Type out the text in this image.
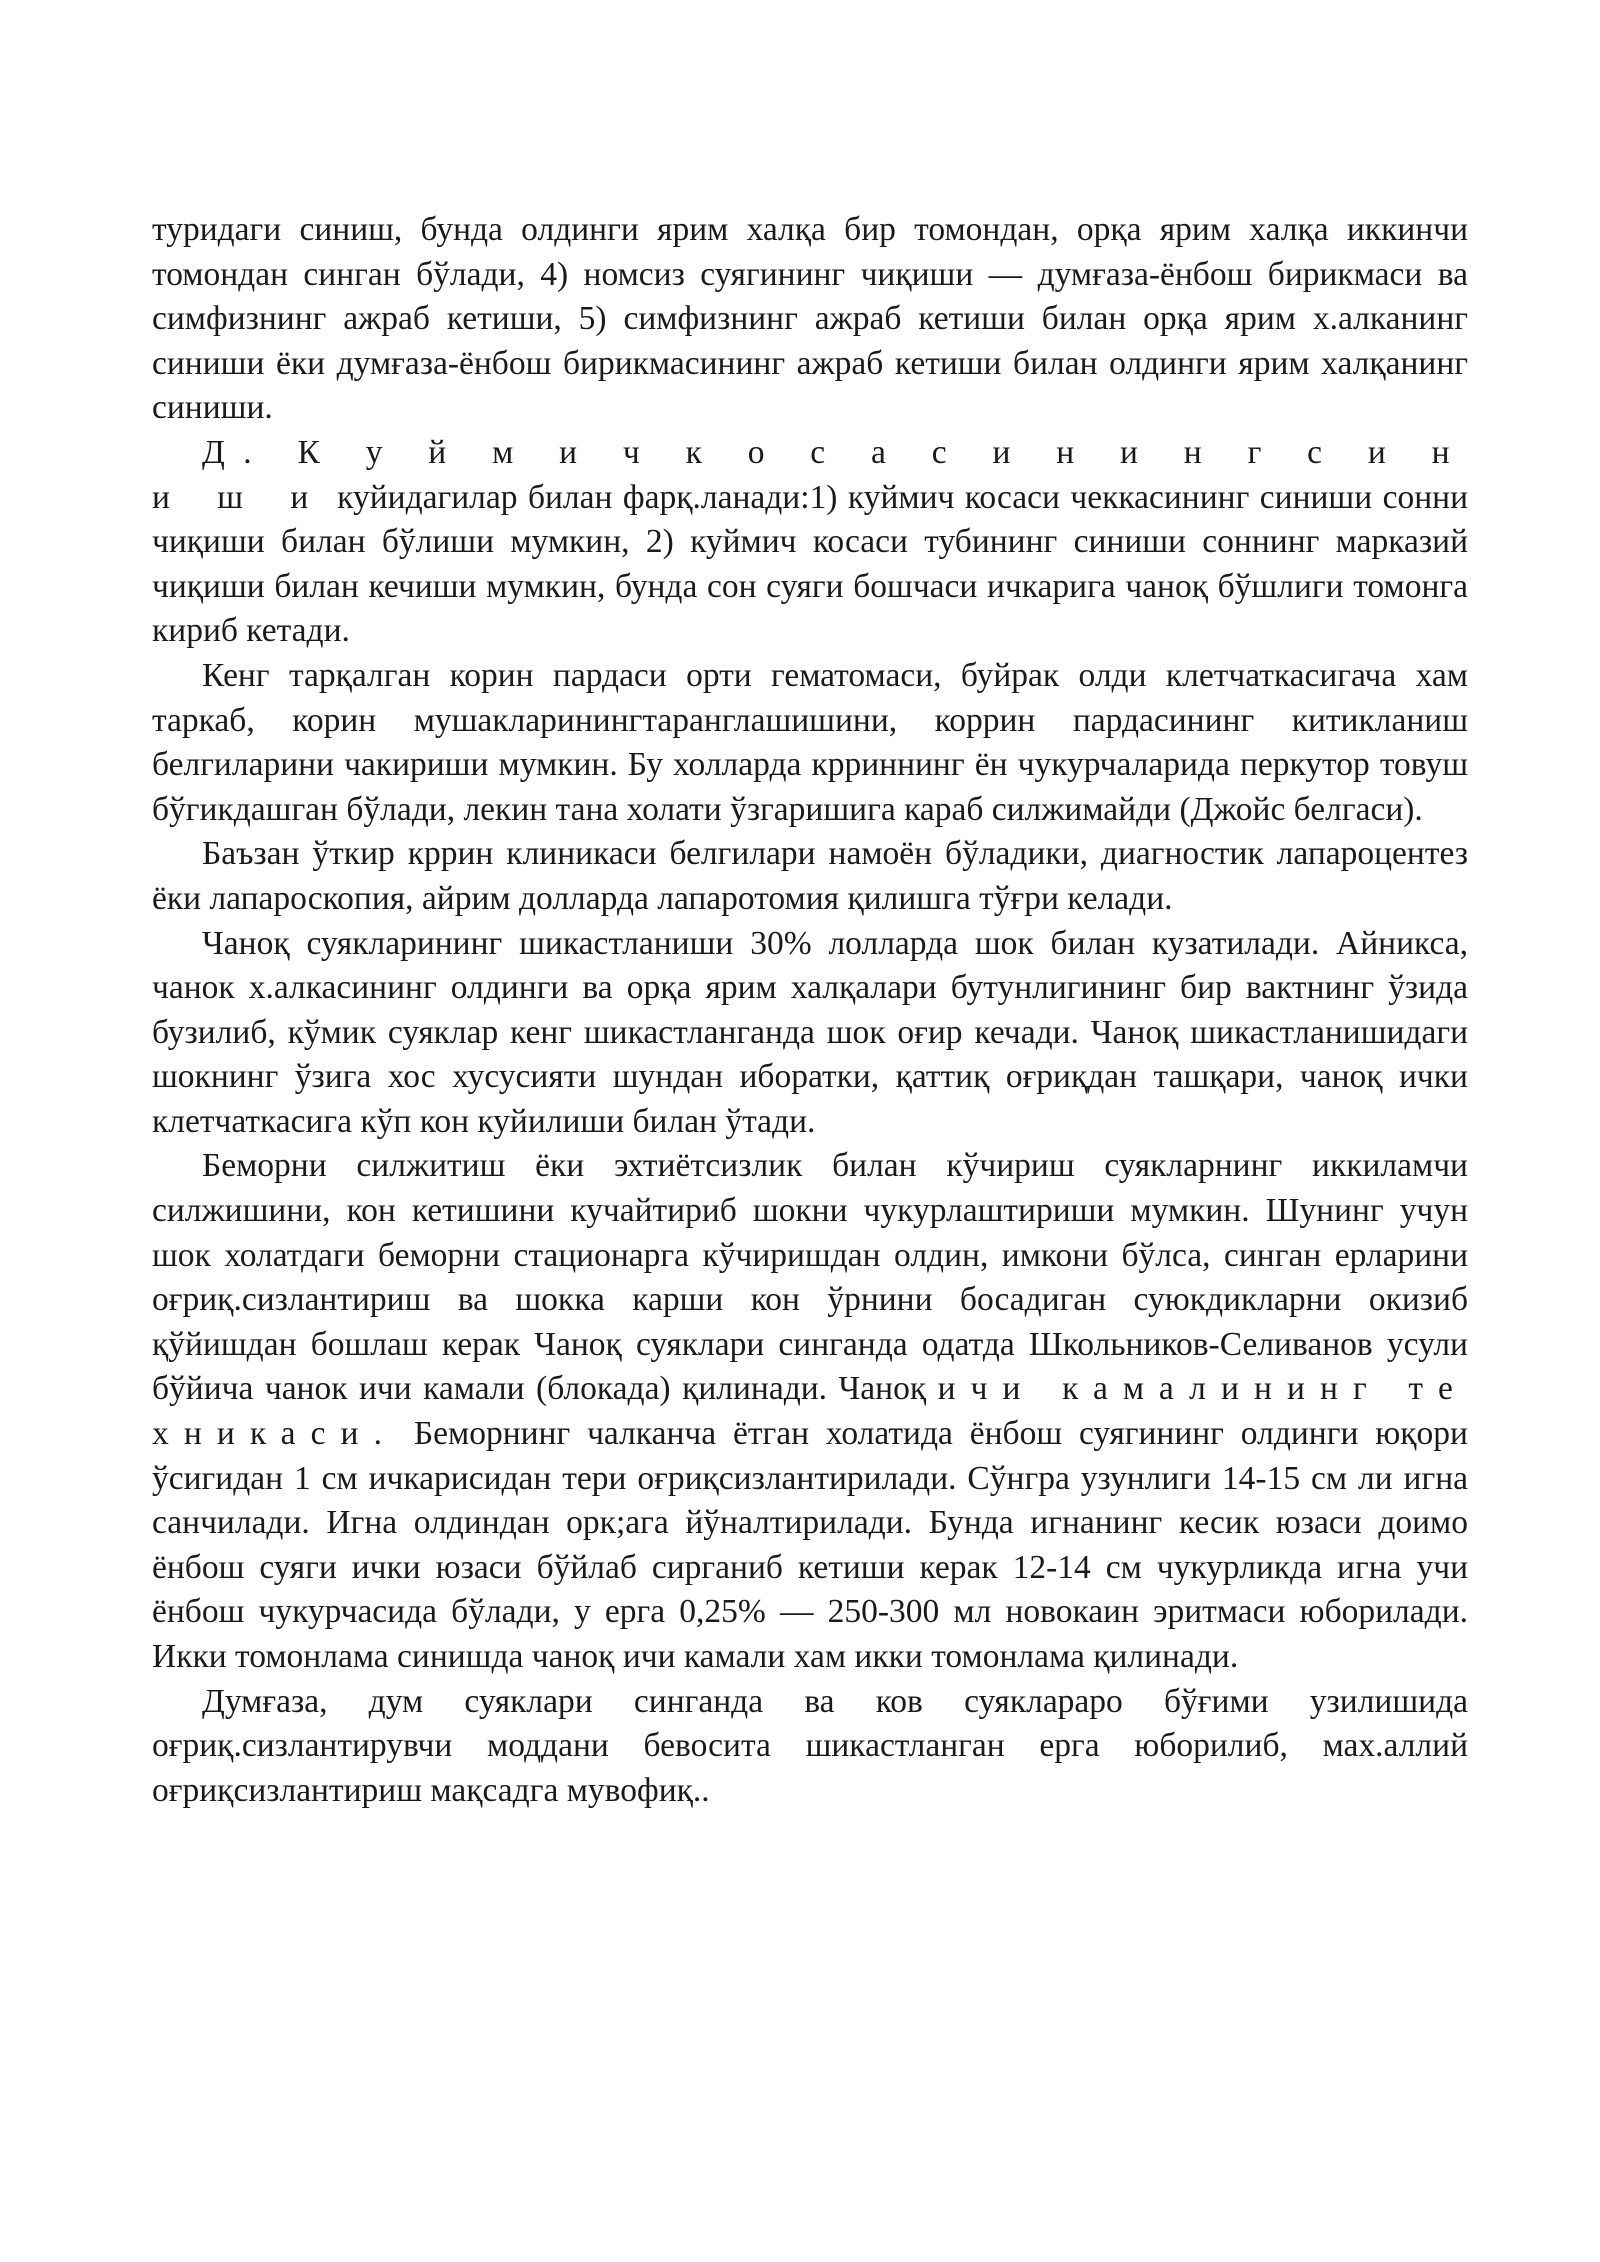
туридаги синиш, бунда олдинги ярим халқа бир томондан, орқа ярим халқа иккинчи томондан синган бўлади, 4) номсиз суягининг чиқиши — думғаза-ёнбош бирикмаси ва симфизнинг ажраб кетиши, 5) симфизнинг ажраб кетиши билан орқа ярим х.алканинг синиши ёки думғаза-ёнбош бирикмасининг ажраб кетиши билан олдинги ярим халқанинг синиши.

Д. К у й м и ч к о с а с и н и н г с и н и ш и куйидагилар билан фарқ.ланади:1) куймич косаси чеккасининг синиши сонни чиқиши билан бўлиши мумкин, 2) куймич косаси тубининг синиши соннинг марказий чиқиши билан кечиши мумкин, бунда сон суяги бошчаси ичкарига чаноқ бўшлиги томонга кириб кетади.

Кенг тарқалган корин пардаси орти гематомаси, буйрак олди клетчаткасигача хам таркаб, корин мушакларинингтаранглашишини, коррин пардасининг китикланиш белгиларини чакириши мумкин. Бу холларда крриннинг ён чукурчаларида перкутор товуш бўгикдашган бўлади, лекин тана холати ўзгаришига караб силжимайди (Джойс белгаси).

Баъзан ўткир кррин клиникаси белгилари намоён бўладики, диагностик лапароцентез ёки лапароскопия, айрим долларда лапаротомия қилишга тўғри келади.

Чаноқ суякларининг шикастланиши 30% лолларда шок билан кузатилади. Айникса, чанок х.алкасининг олдинги ва орқа ярим халқалари бутунлигининг бир вактнинг ўзида бузилиб, кўмик суяклар кенг шикастланганда шок оғир кечади. Чаноқ шикастланишидаги шокнинг ўзига хос хусусияти шундан иборатки, қаттиқ оғриқдан ташқари, чаноқ ички клетчаткасига кўп кон куйилиши билан ўтади.

Беморни силжитиш ёки эхтиётсизлик билан кўчириш суякларнинг иккиламчи силжишини, кон кетишини кучайтириб шокни чукурлаштириши мумкин. Шунинг учун шок холатдаги беморни стационарга кўчиришдан олдин, имкони бўлса, синган ерларини оғриқ.сизлантириш ва шокка карши кон ўрнини босадиган суюкдикларни окизиб қўйишдан бошлаш керак Чаноқ суяклари синганда одатда Школьников-Селиванов усули бўйича чанок ичи камали (блокада) қилинади. Чаноқ ичи камалининг те хникаси. Беморнинг чалканча ётган холатида ёнбош суягининг олдинги юқори ўсигидан 1 см ичкарисидан тери оғриқсизлантирилади. Сўнгра узунлиги 14-15 см ли игна санчилади. Игна олдиндан орк;ага йўналтирилади. Бунда игнанинг кесик юзаси доимо ёнбош суяги ички юзаси бўйлаб сирганиб кетиши керак 12-14 см чукурликда игна учи ёнбош чукурчасида бўлади, у ерга 0,25% — 250-300 мл новокаин эритмаси юборилади. Икки томонлама синишда чаноқ ичи камали хам икки томонлама қилинади.

Думғаза, дум суяклари синганда ва ков суяклараро бўғими узилишида оғриқ.сизлантирувчи моддани бевосита шикастланган ерга юборилиб, мах.аллий оғриқсизлантириш мақсадга мувофиқ..
